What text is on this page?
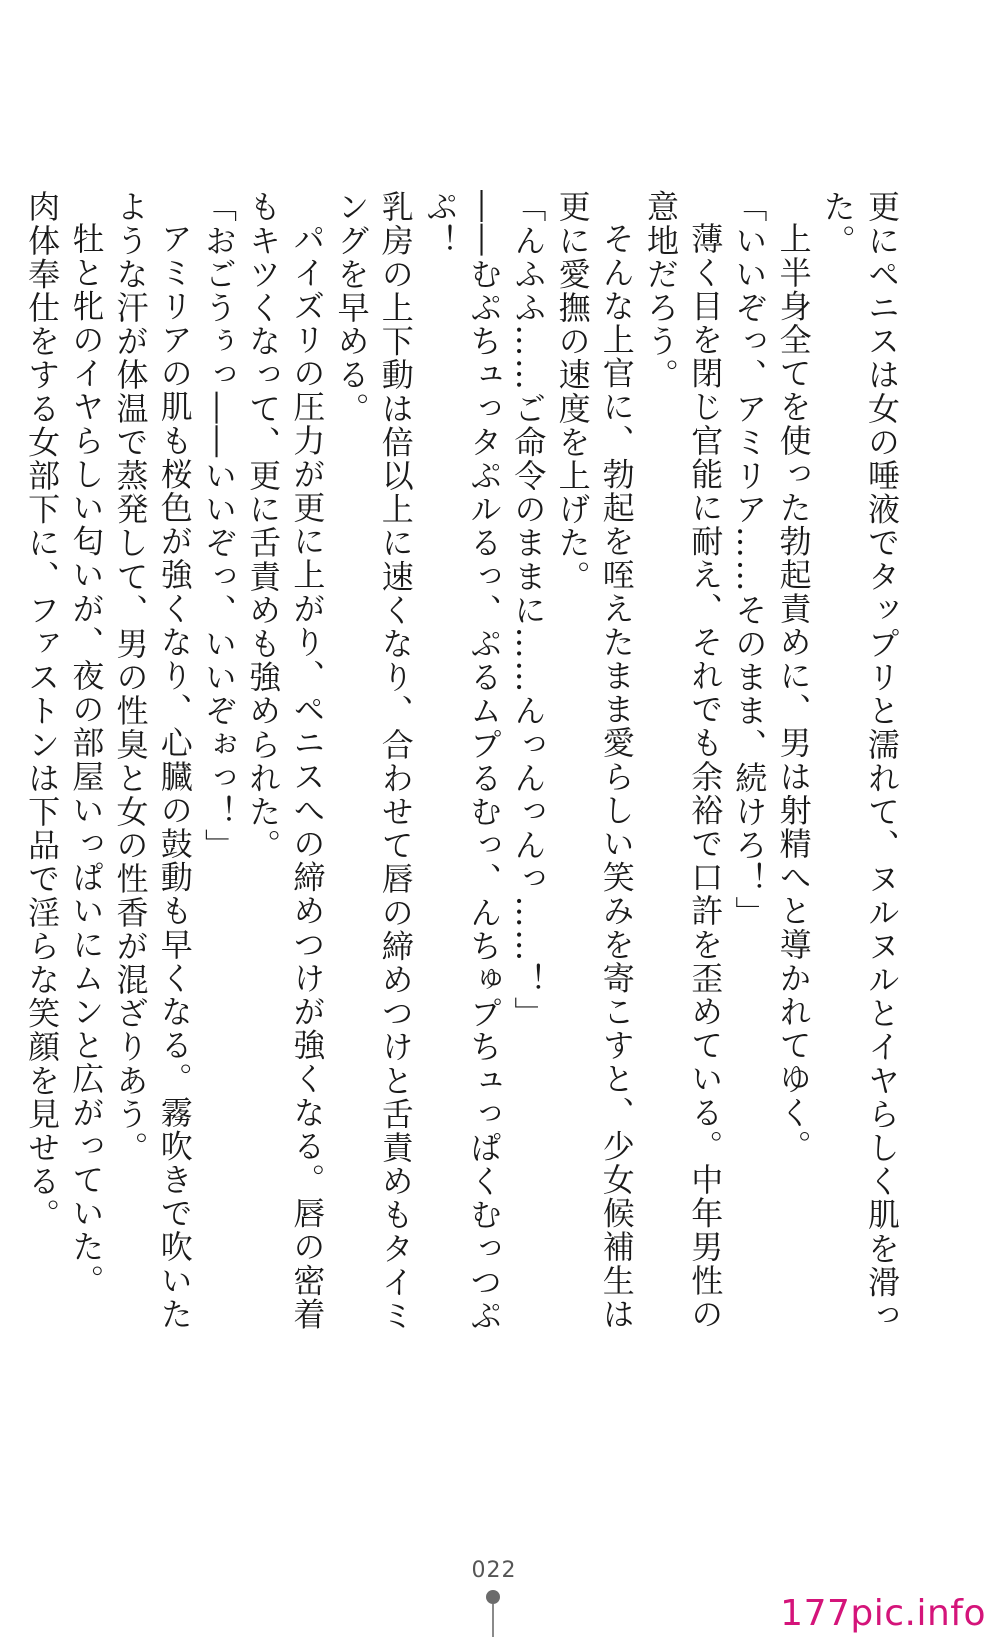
更にペニスは女の唾液でタップリと濡れて、ヌルヌルとイヤらしく肌を滑った。

上半身全てを使った勃起責めに、男は射精へと導かれてゆく。

「いいぞっ、アミリア……そのまま、続けろ！」

薄く目を閉じ官能に耐え、それでも余裕で口許を歪めている。中年男性の意地だろう。

そんな上官に、勃起を咥えたまま愛らしい笑みを寄こすと、少女候補生は更に愛撫の速度を上げた。

「んふふ……ご命令のままに……んっんっんっ……！」

――むぷちュっタぷルるっ、ぷるムプるむっ、んちゅプちュっぱくむっつぷぷ！

乳房の上下動は倍以上に速くなり、合わせて唇の締めつけと舌責めもタイミングを早める。

パイズリの圧力が更に上がり、ペニスへの締めつけが強くなる。唇の密着もキツくなって、更に舌責めも強められた。

「おごうぅっ――いいぞっ、いいぞぉっ！」

アミリアの肌も桜色が強くなり、心臓の鼓動も早くなる。霧吹きで吹いたような汗が体温で蒸発して、男の性臭と女の性香が混ざりあう。

牡と牝のイヤらしい匂いが、夜の部屋いっぱいにムンと広がっていた。

肉体奉仕をする女部下に、ファストンは下品で淫らな笑顔を見せる。

022
177pic.info
